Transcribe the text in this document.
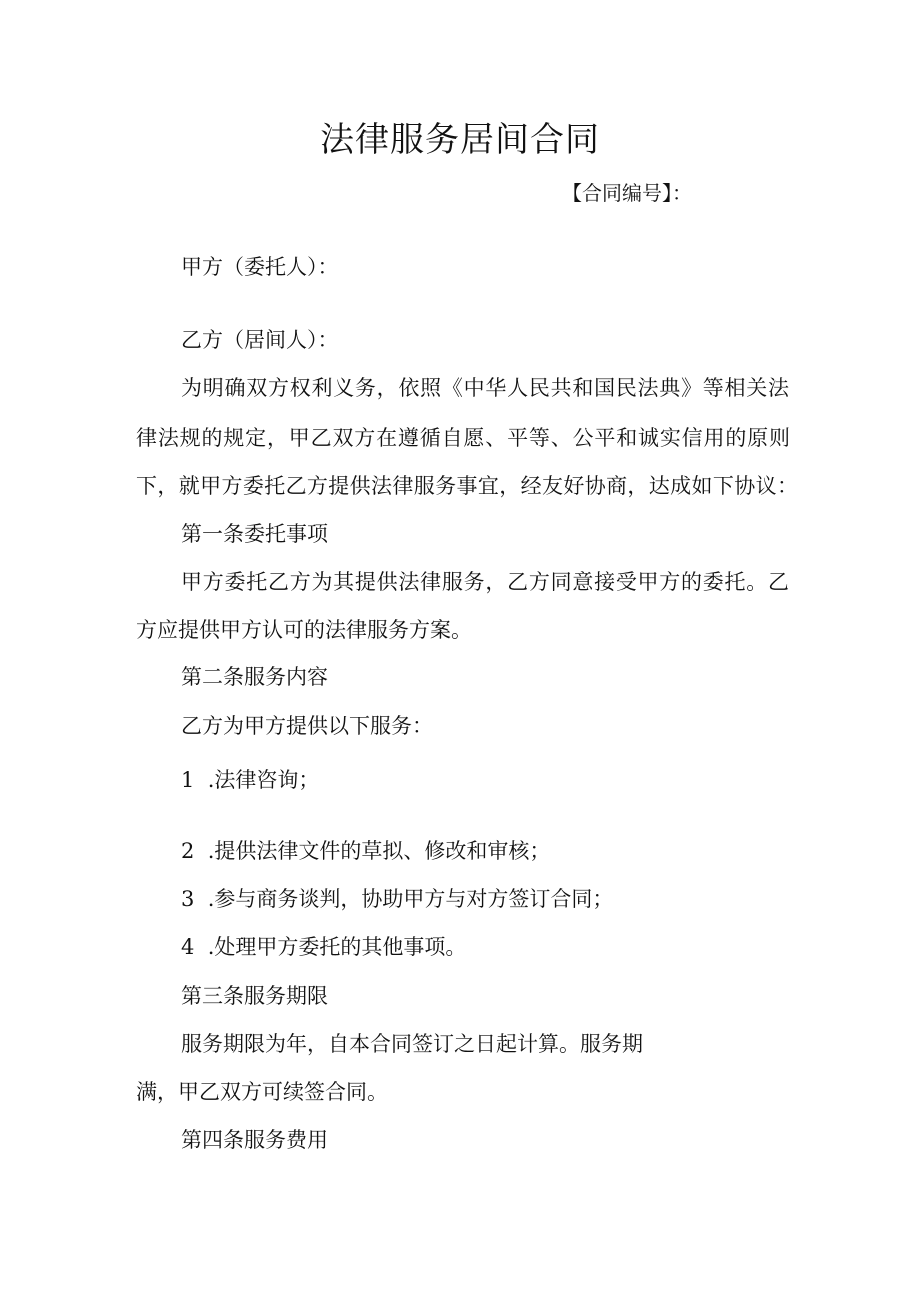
法律服务居间合同
【合同编号】：
甲方（委托人）：
乙方（居间人）：
为明确双方权利义务，依照《中华人民共和国民法典》等相关法
律法规的规定，甲乙双方在遵循自愿、平等、公平和诚实信用的原则
下，就甲方委托乙方提供法律服务事宜，经友好协商，达成如下协议：
第一条委托事项
甲方委托乙方为其提供法律服务，乙方同意接受甲方的委托。乙
方应提供甲方认可的法律服务方案。
第二条服务内容
乙方为甲方提供以下服务：
1  .法律咨询；
2  .提供法律文件的草拟、修改和审核；
3  .参与商务谈判，协助甲方与对方签订合同；
4  .处理甲方委托的其他事项。
第三条服务期限
服务期限为年，自本合同签订之日起计算。服务期
满，甲乙双方可续签合同。
第四条服务费用
